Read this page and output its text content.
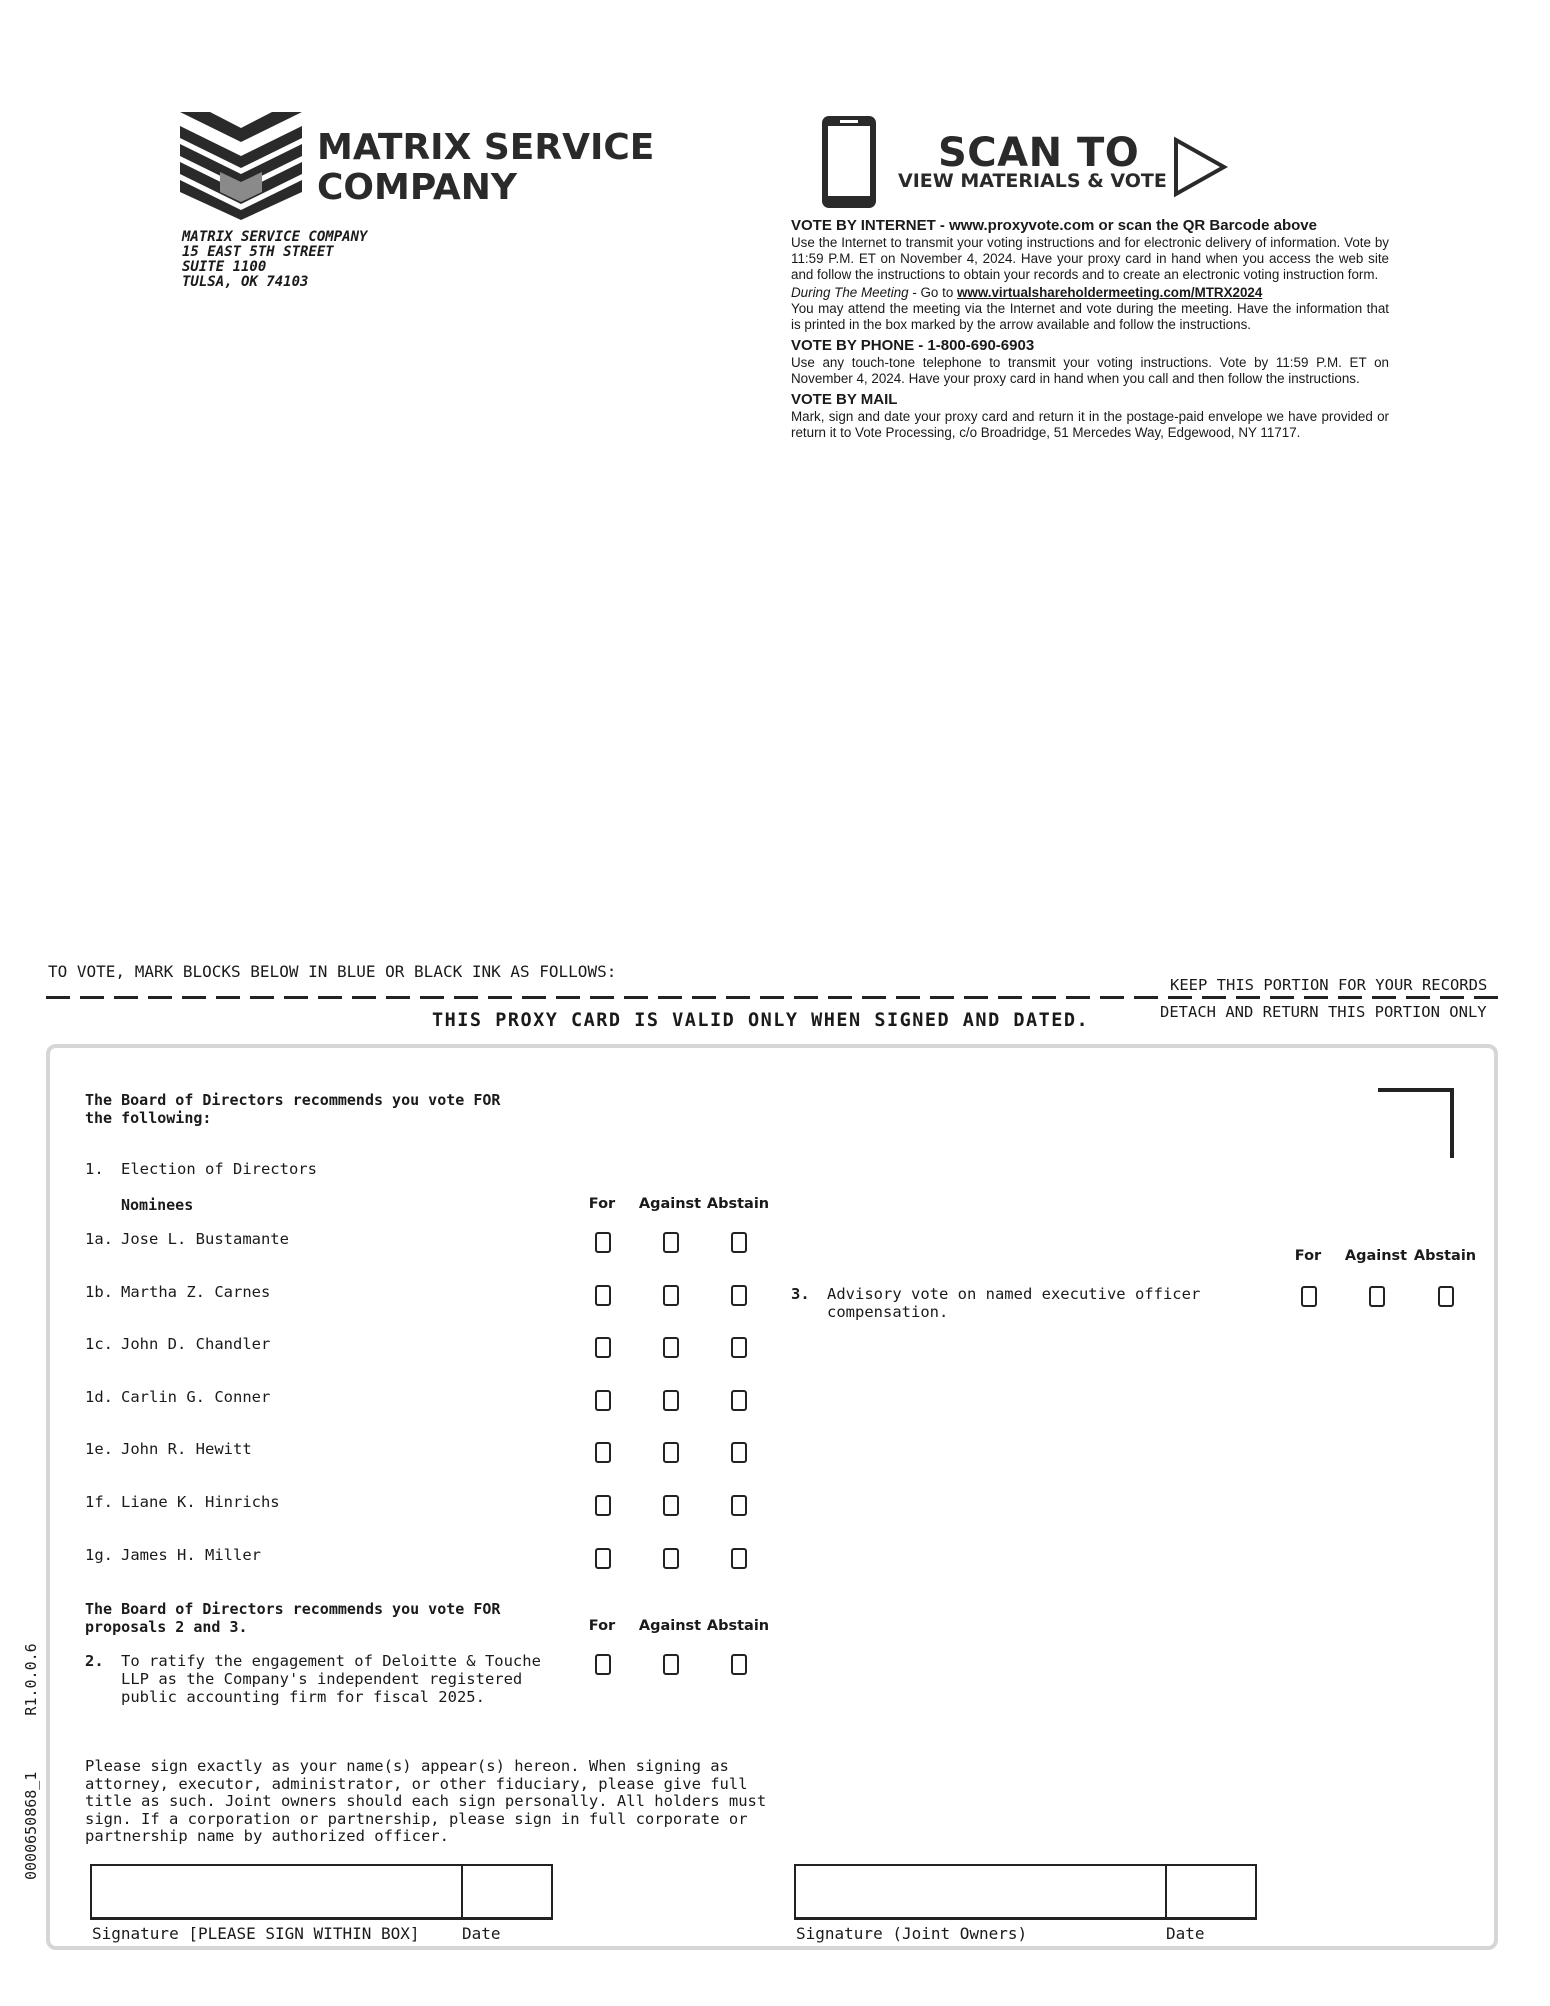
MATRIX SERVICE
COMPANY
MATRIX SERVICE COMPANY
15 EAST 5TH STREET
SUITE 1100
TULSA, OK 74103
SCAN TO
VIEW MATERIALS & VOTE
VOTE BY INTERNET - www.proxyvote.com or scan the QR Barcode above

Use the Internet to transmit your voting instructions and for electronic delivery of information. Vote by 11:59 P.M. ET on November 4, 2024. Have your proxy card in hand when you access the web site and follow the instructions to obtain your records and to create an electronic voting instruction form.

During The Meeting - Go to www.virtualshareholdermeeting.com/MTRX2024

You may attend the meeting via the Internet and vote during the meeting. Have the information that is printed in the box marked by the arrow available and follow the instructions.

VOTE BY PHONE - 1-800-690-6903

Use any touch-tone telephone to transmit your voting instructions. Vote by 11:59 P.M. ET on November 4, 2024. Have your proxy card in hand when you call and then follow the instructions.

VOTE BY MAIL

Mark, sign and date your proxy card and return it in the postage-paid envelope we have provided or return it to Vote Processing, c/o Broadridge, 51 Mercedes Way, Edgewood, NY 11717.

TO VOTE, MARK BLOCKS BELOW IN BLUE OR BLACK INK AS FOLLOWS:
KEEP THIS PORTION FOR YOUR RECORDS
DETACH AND RETURN THIS PORTION ONLY
THIS PROXY CARD IS VALID ONLY WHEN SIGNED AND DATED.
The Board of Directors recommends you vote FOR
the following:
1. Election of Directors
Nominees	For	Against Abstain
1a. Jose L. Bustamante
1b. Martha Z. Carnes
1c. John D. Chandler
1d. Carlin G. Conner
1e. John R. Hewitt
1f. Liane K. Hinrichs
1g. James H. Miller
The Board of Directors recommends you vote FOR
proposals 2 and 3.	For	Against Abstain
2. To ratify the engagement of Deloitte & Touche
LLP as the Company's independent registered
public accounting firm for fiscal 2025.
For	Against Abstain
3. Advisory vote on named executive officer
compensation.
Please sign exactly as your name(s) appear(s) hereon. When signing as
attorney, executor, administrator, or other fiduciary, please give full
title as such. Joint owners should each sign personally. All holders must
sign. If a corporation or partnership, please sign in full corporate or
partnership name by authorized officer.
Signature [PLEASE SIGN WITHIN BOX]	Date	Signature (Joint Owners)	Date
0000650868_1  R1.0.0.6
